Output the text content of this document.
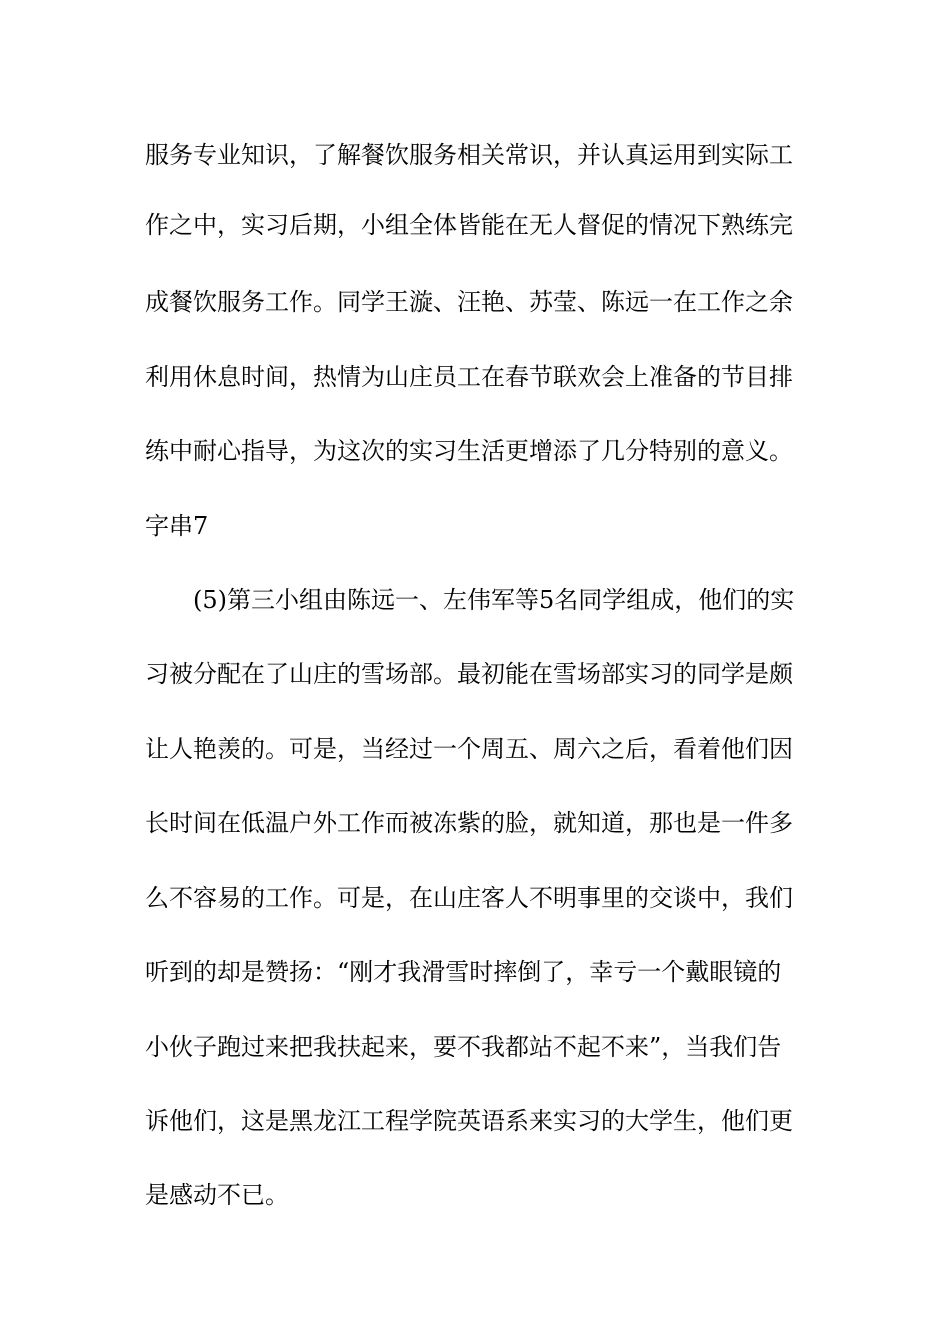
服务专业知识，了解餐饮服务相关常识，并认真运用到实际工
作之中，实习后期，小组全体皆能在无人督促的情况下熟练完
成餐饮服务工作。同学王漩、汪艳、苏莹、陈远一在工作之余
利用休息时间，热情为山庄员工在春节联欢会上准备的节目排
练中耐心指导，为这次的实习生活更增添了几分特别的意义。
字串7
(5)第三小组由陈远一、左伟军等5名同学组成，他们的实
习被分配在了山庄的雪场部。最初能在雪场部实习的同学是颇
让人艳羡的。可是，当经过一个周五、周六之后，看着他们因
长时间在低温户外工作而被冻紫的脸，就知道，那也是一件多
么不容易的工作。可是，在山庄客人不明事里的交谈中，我们
听到的却是赞扬：“刚才我滑雪时摔倒了，幸亏一个戴眼镜的
小伙子跑过来把我扶起来，要不我都站不起不来”，当我们告
诉他们，这是黑龙江工程学院英语系来实习的大学生，他们更
是感动不已。
